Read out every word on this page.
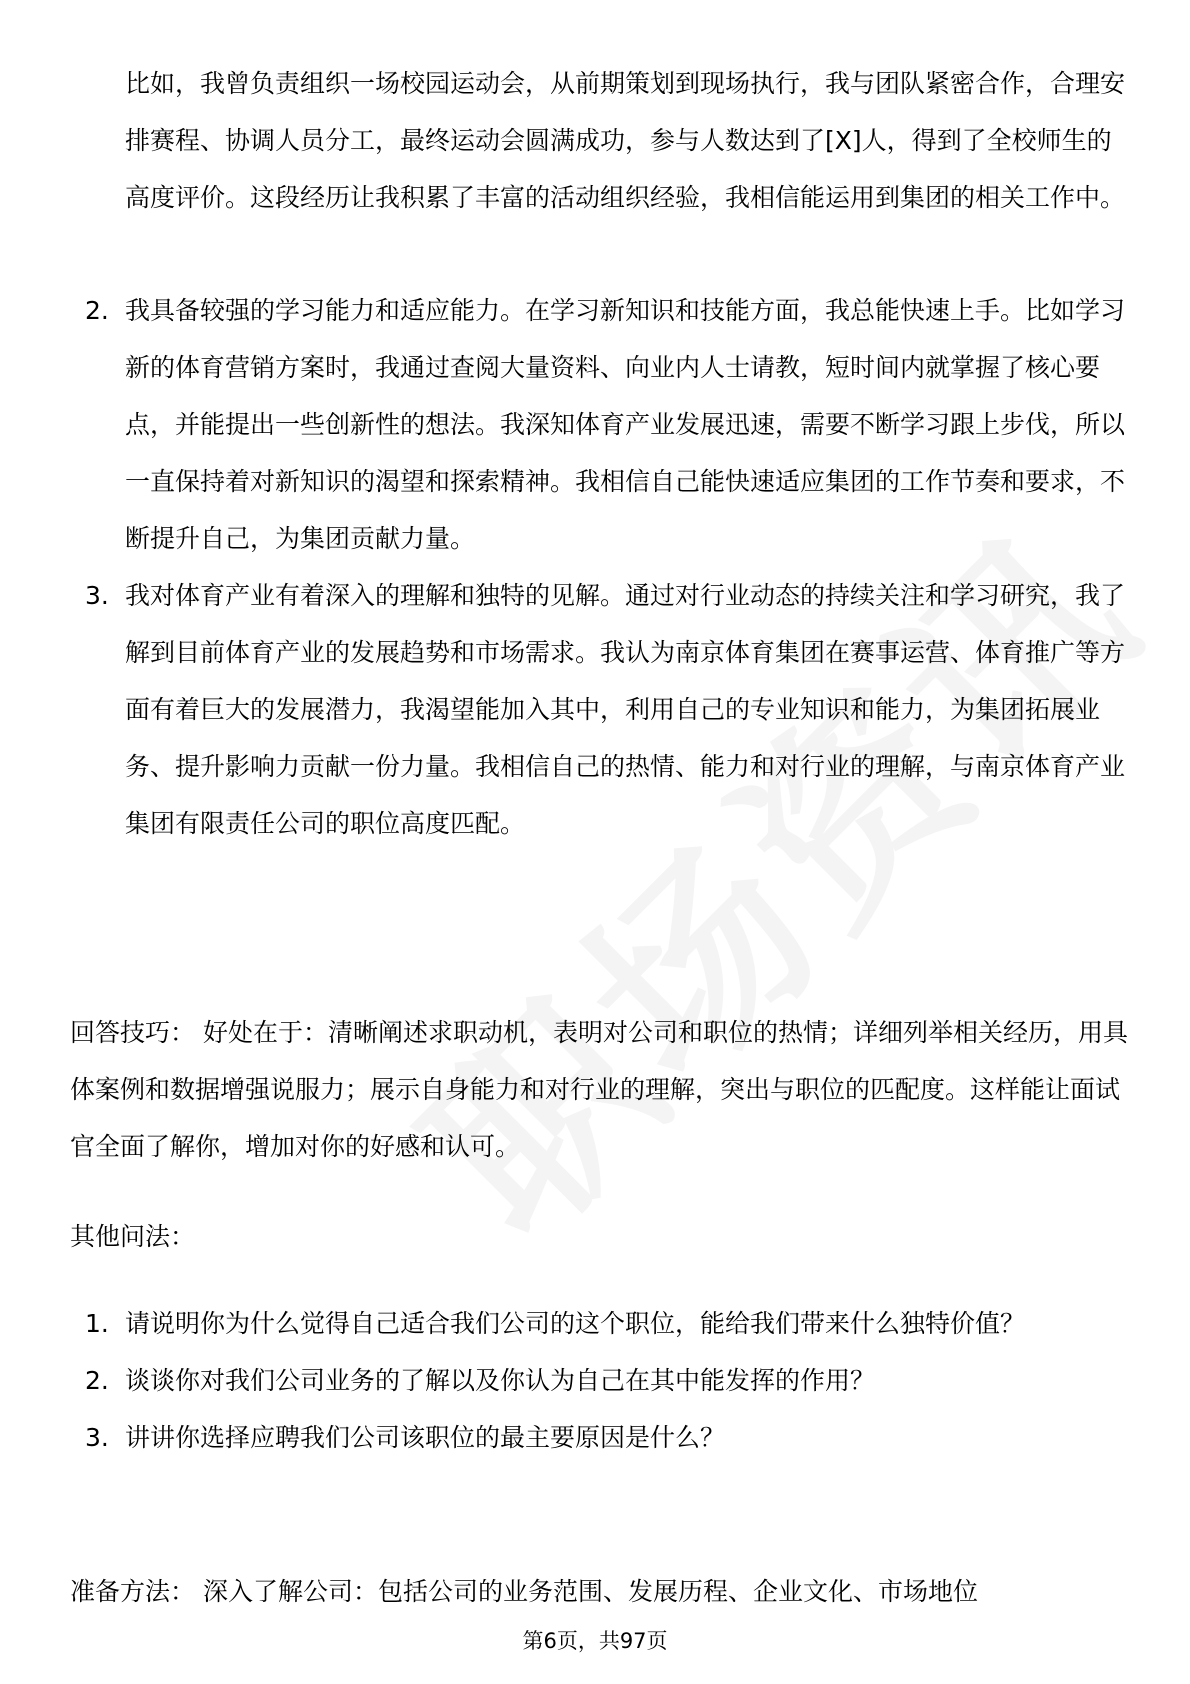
比如，我曾负责组织一场校园运动会，从前期策划到现场执行，我与团队紧密合作，合理安排赛程、协调人员分工，最终运动会圆满成功，参与人数达到了[X]人，得到了全校师生的高度评价。这段经历让我积累了丰富的活动组织经验，我相信能运用到集团的相关工作中。

2. 我具备较强的学习能力和适应能力。在学习新知识和技能方面，我总能快速上手。比如学习新的体育营销方案时，我通过查阅大量资料、向业内人士请教，短时间内就掌握了核心要点，并能提出一些创新性的想法。我深知体育产业发展迅速，需要不断学习跟上步伐，所以一直保持着对新知识的渴望和探索精神。我相信自己能快速适应集团的工作节奏和要求，不断提升自己，为集团贡献力量。
3. 我对体育产业有着深入的理解和独特的见解。通过对行业动态的持续关注和学习研究，我了解到目前体育产业的发展趋势和市场需求。我认为南京体育集团在赛事运营、体育推广等方面有着巨大的发展潜力，我渴望能加入其中，利用自己的专业知识和能力，为集团拓展业务、提升影响力贡献一份力量。我相信自己的热情、能力和对行业的理解，与南京体育产业集团有限责任公司的职位高度匹配。

回答技巧： 好处在于：清晰阐述求职动机，表明对公司和职位的热情；详细列举相关经历，用具体案例和数据增强说服力；展示自身能力和对行业的理解，突出与职位的匹配度。这样能让面试官全面了解你，增加对你的好感和认可。

其他问法：

1. 请说明你为什么觉得自己适合我们公司的这个职位，能给我们带来什么独特价值？
2. 谈谈你对我们公司业务的了解以及你认为自己在其中能发挥的作用？
3. 讲讲你选择应聘我们公司该职位的最主要原因是什么？

准备方法： 深入了解公司：包括公司的业务范围、发展历程、企业文化、市场地位

第6页，共97页
